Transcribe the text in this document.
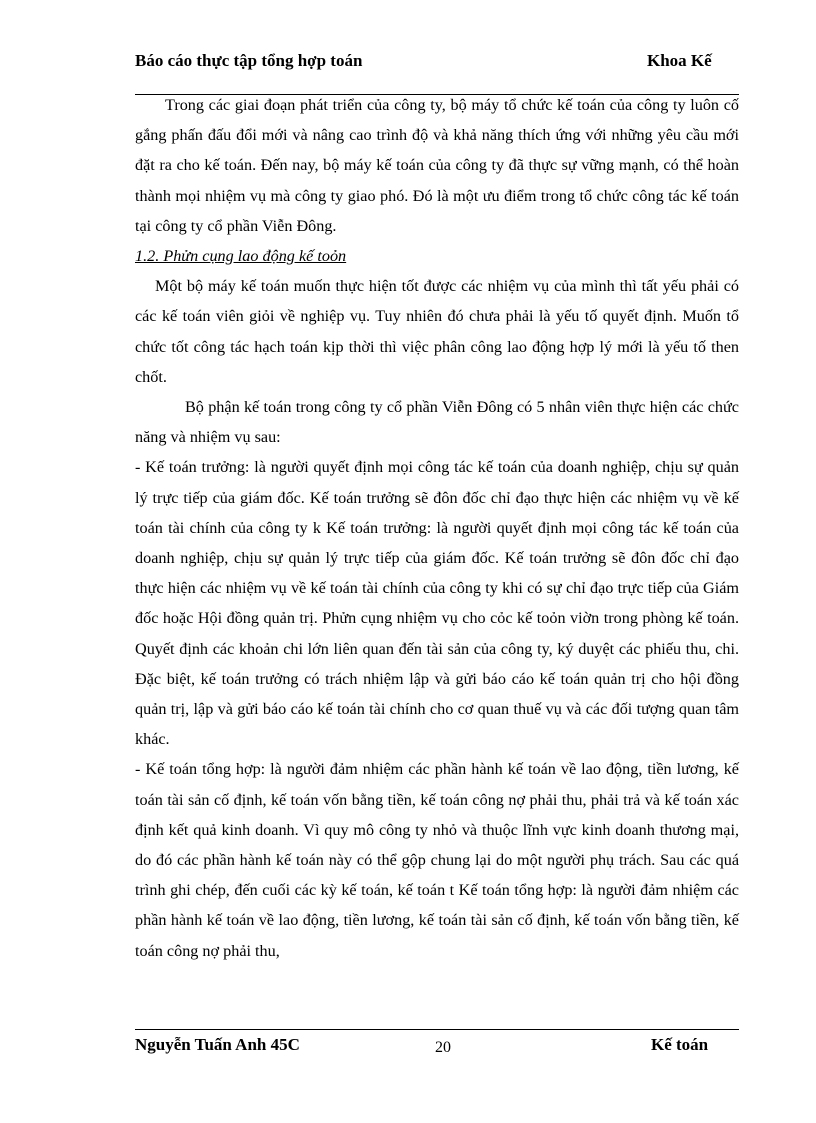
Báo cáo thực tập tổng hợp toán	Khoa Kế

Trong các giai đoạn phát triển của công ty, bộ máy tổ chức kế toán của công ty luôn cố gắng phấn đấu đổi mới và nâng cao trình độ và khả năng thích ứng với những yêu cầu mới đặt ra cho kế toán. Đến nay, bộ máy kế toán của công ty đã thực sự vững mạnh, có thể hoàn thành mọi nhiệm vụ mà công ty giao phó. Đó là một ưu điểm trong tổ chức công tác kế toán tại công ty cổ phần Viễn Đông.

1.2. Phửn cụng lao động kế toỏn

Một bộ máy kế toán muốn thực hiện tốt được các nhiệm vụ của mình thì tất yếu phải có các kế toán viên giỏi về nghiệp vụ. Tuy nhiên đó chưa phải là yếu tố quyết định. Muốn tổ chức tốt công tác hạch toán kịp thời thì việc phân công lao động hợp lý mới là yếu tố then chốt.

Bộ phận kế toán trong công ty cổ phần Viễn Đông có 5 nhân viên thực hiện các chức năng và nhiệm vụ sau:

- Kế toán trưởng: là người quyết định mọi công tác kế toán của doanh nghiệp, chịu sự quản lý trực tiếp của giám đốc. Kế toán trưởng sẽ đôn đốc chỉ đạo thực hiện các nhiệm vụ về kế toán tài chính của công ty k Kế toán trưởng: là người quyết định mọi công tác kế toán của doanh nghiệp, chịu sự quản lý trực tiếp của giám đốc. Kế toán trưởng sẽ đôn đốc chỉ đạo thực hiện các nhiệm vụ về kế toán tài chính của công ty khi có sự chỉ đạo trực tiếp của Giám đốc hoặc Hội đồng quản trị. Phửn cụng nhiệm vụ cho cỏc kế toỏn viờn trong phòng kế toán. Quyết định các khoản chi lớn liên quan đến tài sản của công ty, ký duyệt các phiếu thu, chi. Đặc biệt, kế toán trưởng có trách nhiệm lập và gửi báo cáo kế toán quản trị cho hội đồng quản trị, lập và gửi báo cáo kế toán tài chính cho cơ quan thuế vụ và các đối tượng quan tâm khác.

- Kế toán tổng hợp: là người đảm nhiệm các phần hành kế toán về lao động, tiền lương, kế toán tài sản cố định, kế toán vốn bằng tiền, kế toán công nợ phải thu, phải trả và kế toán xác định kết quả kinh doanh. Vì quy mô công ty nhỏ và thuộc lĩnh vực kinh doanh thương mại, do đó các phần hành kế toán này có thể gộp chung lại do một người phụ trách. Sau các quá trình ghi chép, đến cuối các kỳ kế toán, kế toán t Kế toán tổng hợp: là người đảm nhiệm các phần hành kế toán về lao động, tiền lương, kế toán tài sản cố định, kế toán vốn bằng tiền, kế toán công nợ phải thu,

Nguyễn Tuấn Anh 45C	20	Kế toán
